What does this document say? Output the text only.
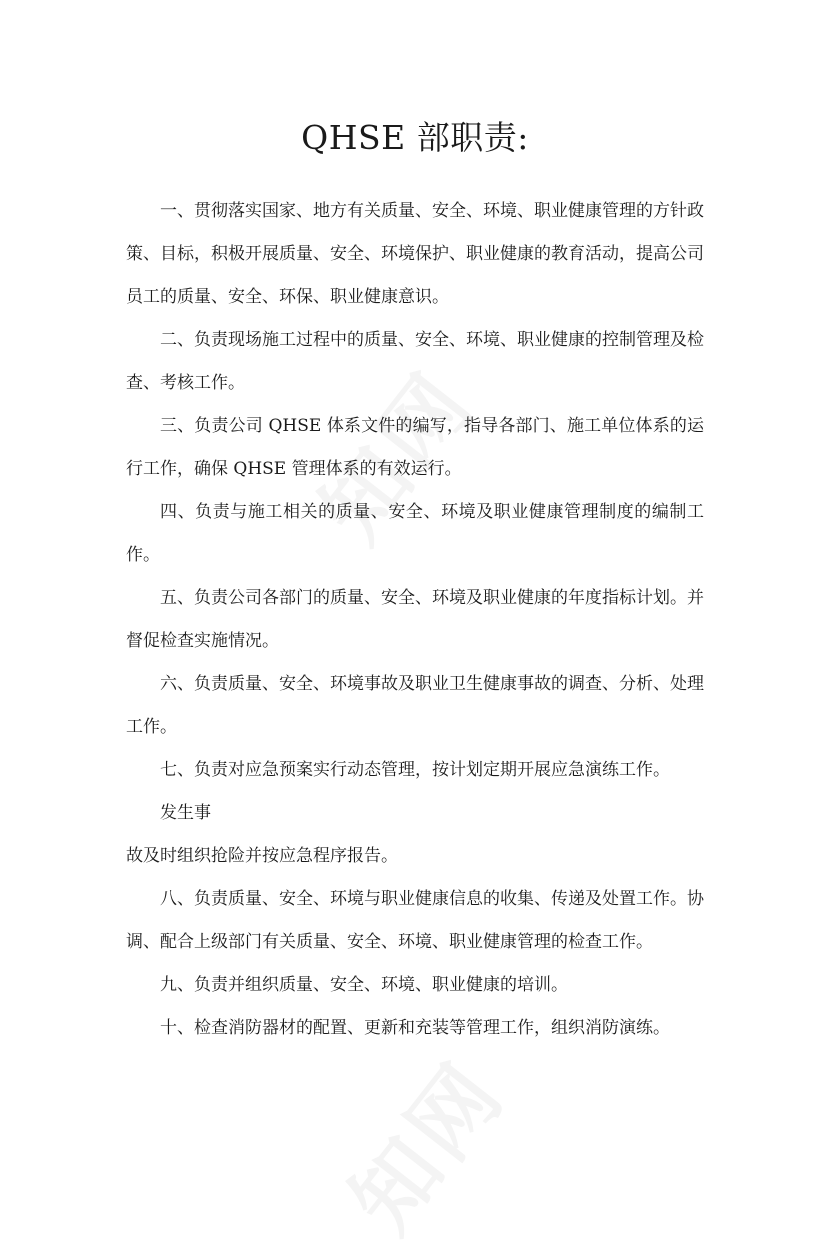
QHSE 部职责:

一、贯彻落实国家、地方有关质量、安全、环境、职业健康管理的方针政策、目标，积极开展质量、安全、环境保护、职业健康的教育活动，提高公司员工的质量、安全、环保、职业健康意识。

二、负责现场施工过程中的质量、安全、环境、职业健康的控制管理及检查、考核工作。

三、负责公司 QHSE 体系文件的编写，指导各部门、施工单位体系的运行工作，确保 QHSE 管理体系的有效运行。

四、负责与施工相关的质量、安全、环境及职业健康管理制度的编制工作。

五、负责公司各部门的质量、安全、环境及职业健康的年度指标计划。并督促检查实施情况。

六、负责质量、安全、环境事故及职业卫生健康事故的调查、分析、处理工作。

七、负责对应急预案实行动态管理，按计划定期开展应急演练工作。

发生事

故及时组织抢险并按应急程序报告。

八、负责质量、安全、环境与职业健康信息的收集、传递及处置工作。协调、配合上级部门有关质量、安全、环境、职业健康管理的检查工作。

九、负责并组织质量、安全、环境、职业健康的培训。

十、检查消防器材的配置、更新和充装等管理工作，组织消防演练。
